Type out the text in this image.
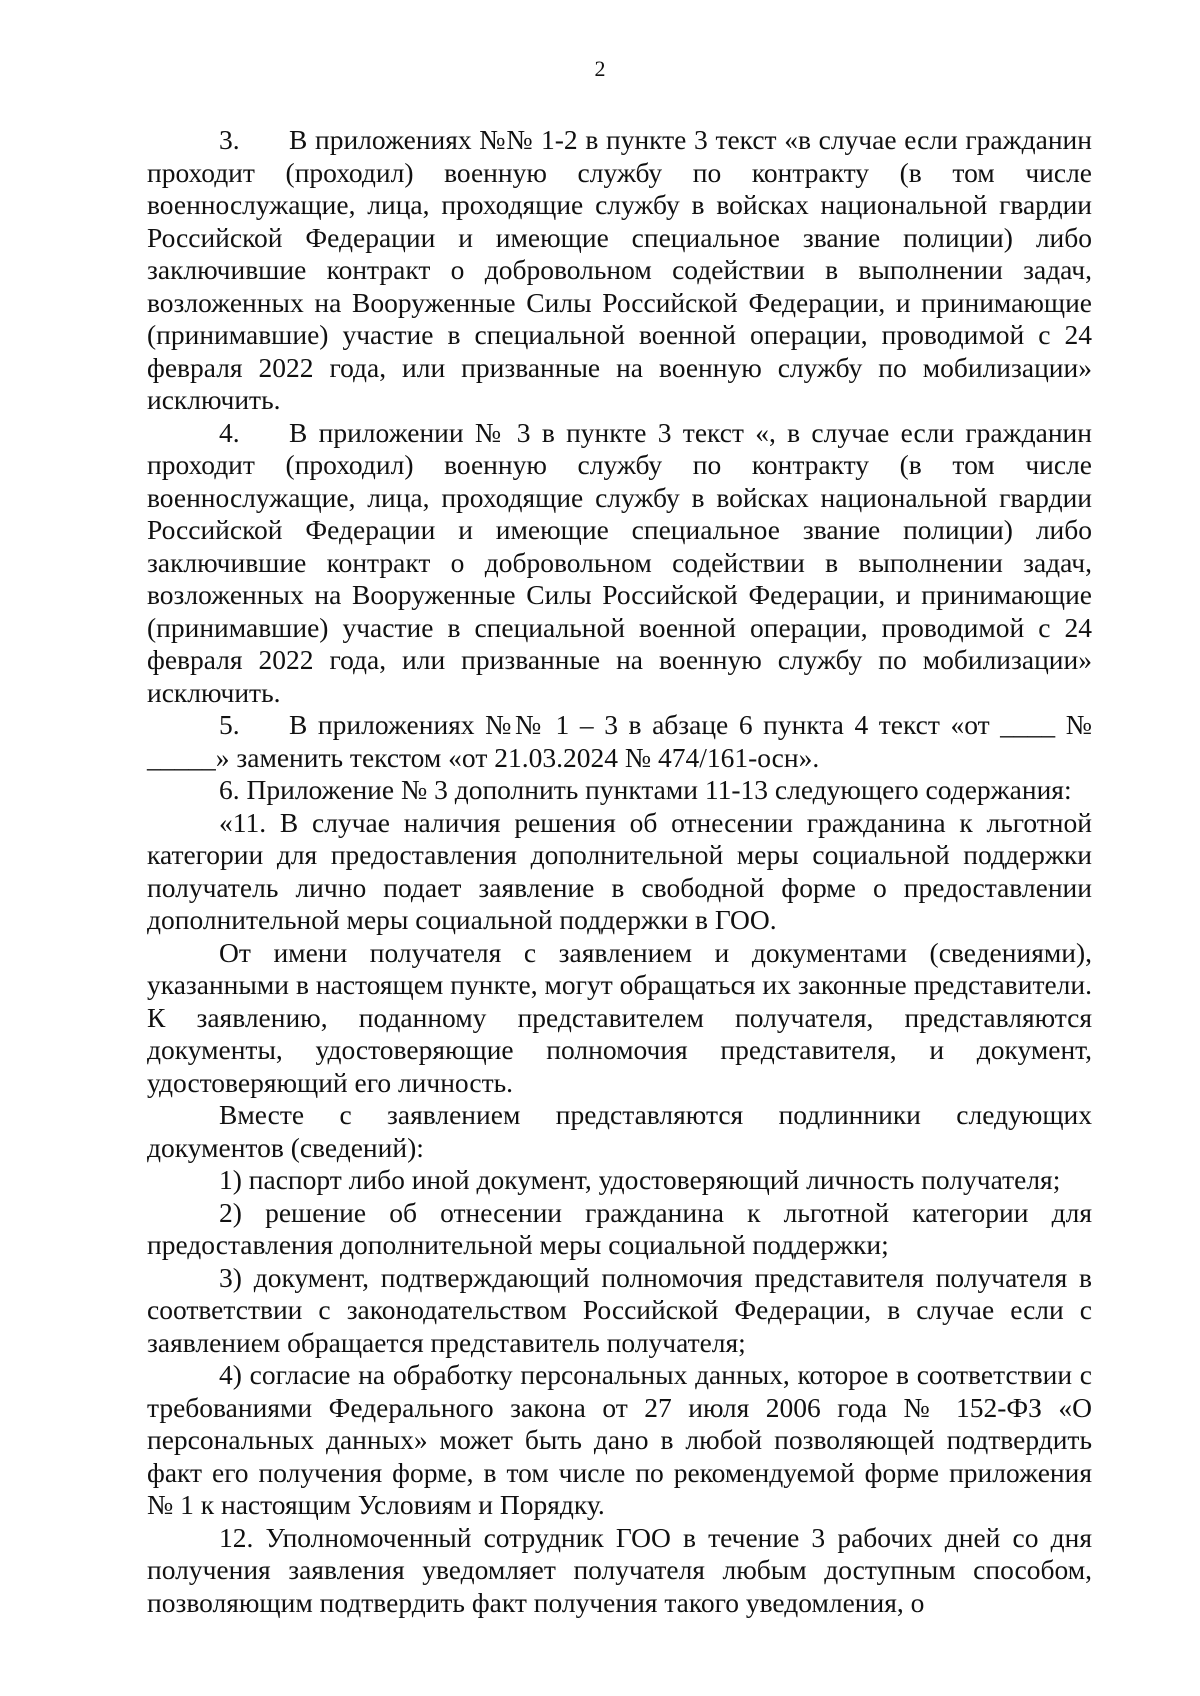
2

3. В приложениях №№ 1-2 в пункте 3 текст «в случае если гражданин проходит (проходил) военную службу по контракту (в том числе военнослужащие, лица, проходящие службу в войсках национальной гвардии Российской Федерации и имеющие специальное звание полиции) либо заключившие контракт о добровольном содействии в выполнении задач, возложенных на Вооруженные Силы Российской Федерации, и принимающие (принимавшие) участие в специальной военной операции, проводимой с 24 февраля 2022 года, или призванные на военную службу по мобилизации» исключить.

4. В приложении № 3 в пункте 3 текст «, в случае если гражданин проходит (проходил) военную службу по контракту (в том числе военнослужащие, лица, проходящие службу в войсках национальной гвардии Российской Федерации и имеющие специальное звание полиции) либо заключившие контракт о добровольном содействии в выполнении задач, возложенных на Вооруженные Силы Российской Федерации, и принимающие (принимавшие) участие в специальной военной операции, проводимой с 24 февраля 2022 года, или призванные на военную службу по мобилизации» исключить.

5. В приложениях №№ 1 – 3 в абзаце 6 пункта 4 текст «от ____ № _____» заменить текстом «от 21.03.2024 № 474/161-осн».

6. Приложение № 3 дополнить пунктами 11-13 следующего содержания:

«11. В случае наличия решения об отнесении гражданина к льготной категории для предоставления дополнительной меры социальной поддержки получатель лично подает заявление в свободной форме о предоставлении дополнительной меры социальной поддержки в ГОО.

От имени получателя с заявлением и документами (сведениями), указанными в настоящем пункте, могут обращаться их законные представители. К заявлению, поданному представителем получателя, представляются документы, удостоверяющие полномочия представителя, и документ, удостоверяющий его личность.

Вместе с заявлением представляются подлинники следующих документов (сведений):

1) паспорт либо иной документ, удостоверяющий личность получателя;

2) решение об отнесении гражданина к льготной категории для предоставления дополнительной меры социальной поддержки;

3) документ, подтверждающий полномочия представителя получателя в соответствии с законодательством Российской Федерации, в случае если с заявлением обращается представитель получателя;

4) согласие на обработку персональных данных, которое в соответствии с требованиями Федерального закона от 27 июля 2006 года № 152-ФЗ «О персональных данных» может быть дано в любой позволяющей подтвердить факт его получения форме, в том числе по рекомендуемой форме приложения № 1 к настоящим Условиям и Порядку.

12. Уполномоченный сотрудник ГОО в течение 3 рабочих дней со дня получения заявления уведомляет получателя любым доступным способом, позволяющим подтвердить факт получения такого уведомления, о
